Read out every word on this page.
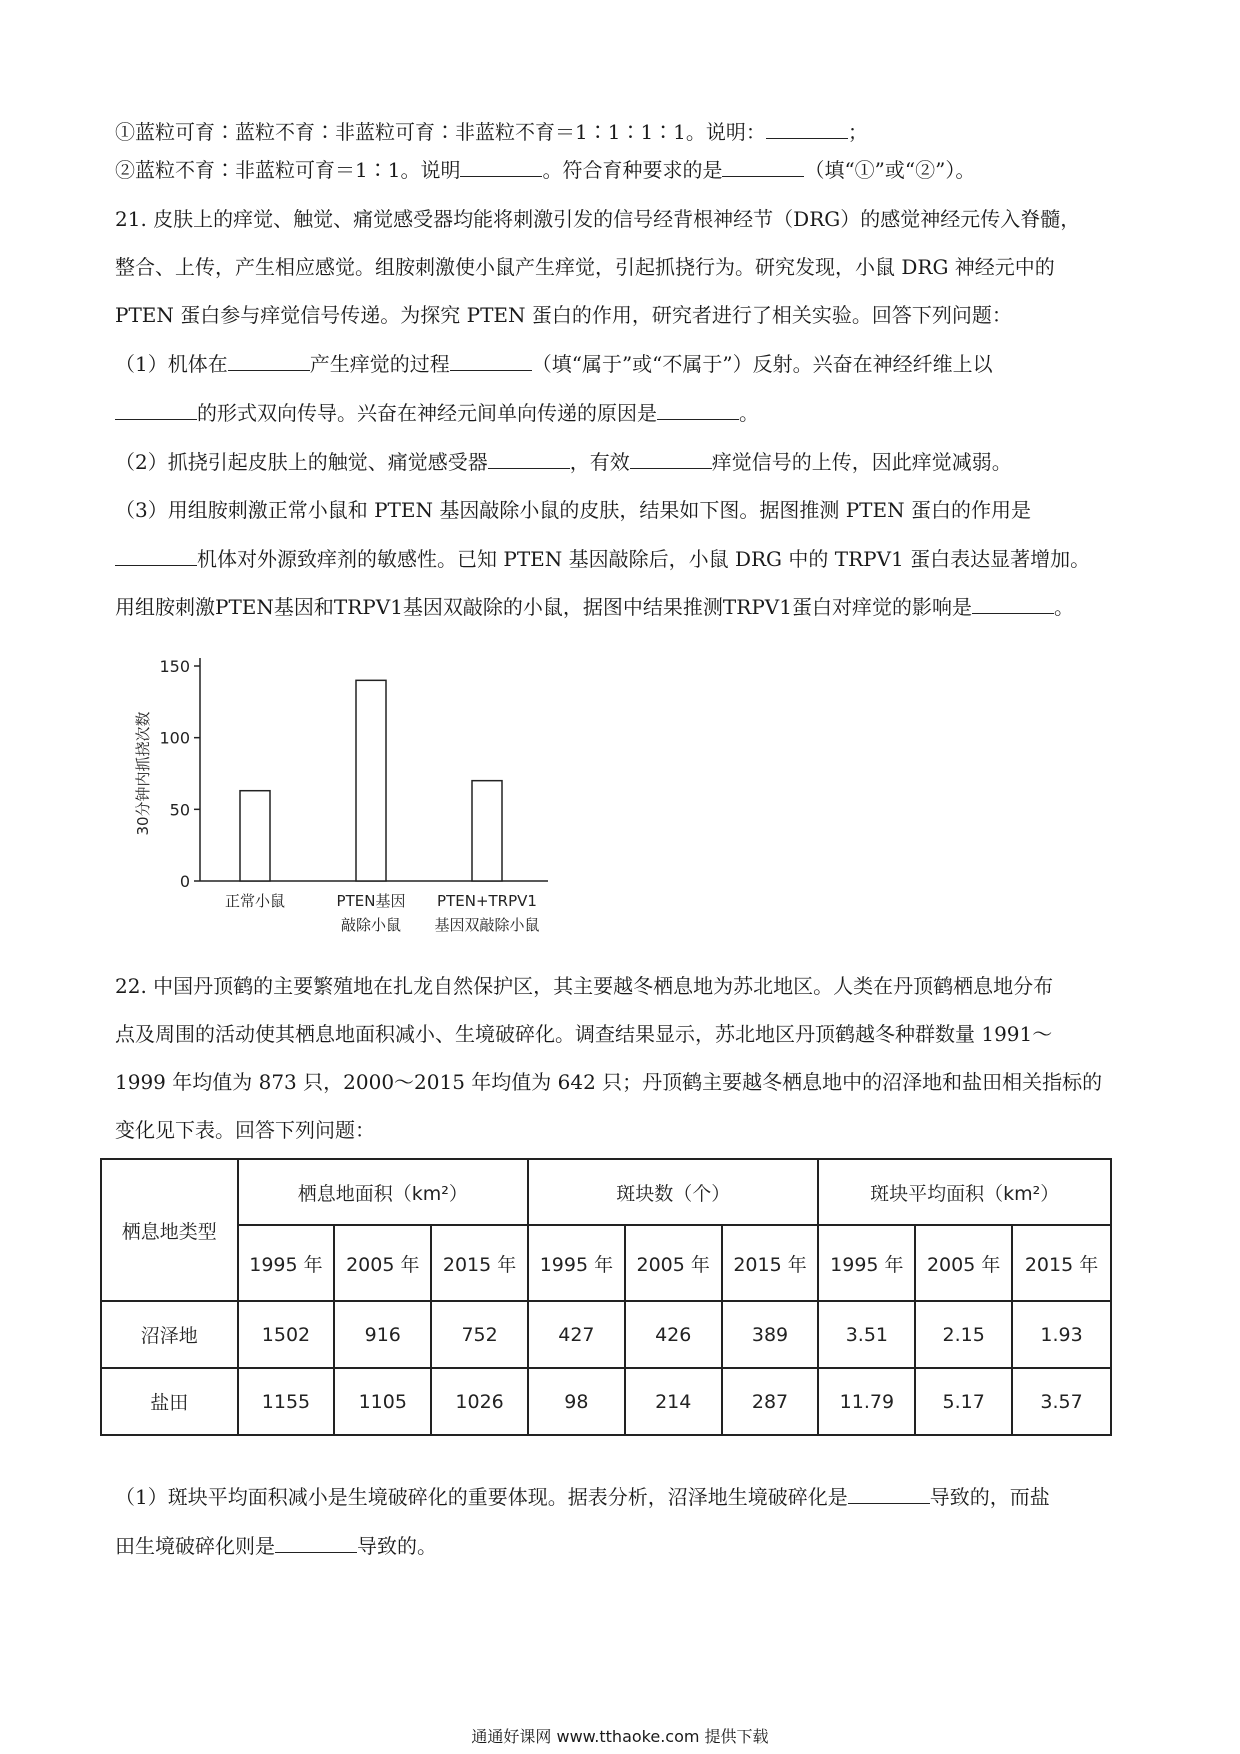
①蓝粒可育∶蓝粒不育∶非蓝粒可育∶非蓝粒不育＝1∶1∶1∶1。说明：	；
②蓝粒不育∶非蓝粒可育＝1∶1。说明	。符合育种要求的是	（填“①”或“②”）。
21. 皮肤上的痒觉、触觉、痛觉感受器均能将刺激引发的信号经背根神经节（DRG）的感觉神经元传入脊髓，
整合、上传，产生相应感觉。组胺刺激使小鼠产生痒觉，引起抓挠行为。研究发现，小鼠 DRG 神经元中的
PTEN 蛋白参与痒觉信号传递。为探究 PTEN 蛋白的作用，研究者进行了相关实验。回答下列问题：
（1）机体在	产生痒觉的过程	（填“属于”或“不属于”）反射。兴奋在神经纤维上以
的形式双向传导。兴奋在神经元间单向传递的原因是	。
（2）抓挠引起皮肤上的触觉、痛觉感受器	，有效	痒觉信号的上传，因此痒觉减弱。
（3）用组胺刺激正常小鼠和 PTEN 基因敲除小鼠的皮肤，结果如下图。据图推测 PTEN 蛋白的作用是
机体对外源致痒剂的敏感性。已知 PTEN 基因敲除后，小鼠 DRG 中的 TRPV1 蛋白表达显著增加。
用组胺刺激PTEN基因和TRPV1基因双敲除的小鼠，据图中结果推测TRPV1蛋白对痒觉的影响是	。
0
50
100
150
30分钟内抓挠次数
正常小鼠	PTEN基因
敲除小鼠
PTEN+TRPV1
基因双敲除小鼠
22. 中国丹顶鹤的主要繁殖地在扎龙自然保护区，其主要越冬栖息地为苏北地区。人类在丹顶鹤栖息地分布
点及周围的活动使其栖息地面积减小、生境破碎化。调查结果显示，苏北地区丹顶鹤越冬种群数量 1991～
1999 年均值为 873 只，2000～2015 年均值为 642 只；丹顶鹤主要越冬栖息地中的沼泽地和盐田相关指标的
变化见下表。回答下列问题：
栖息地类型	栖息地面积（km²）			斑块数（个）			斑块平均面积（km²）		
	1995 年	2005 年	2015 年	1995 年	2005 年	2015 年	1995 年	2005 年	2015 年
沼泽地	1502	916	752	427	426	389	3.51	2.15	1.93
盐田	1155	1105	1026	98	214	287	11.79	5.17	3.57
（1）斑块平均面积减小是生境破碎化的重要体现。据表分析，沼泽地生境破碎化是	导致的，而盐
田生境破碎化则是	导致的。
通通好课网 www.tthaoke.com 提供下载
